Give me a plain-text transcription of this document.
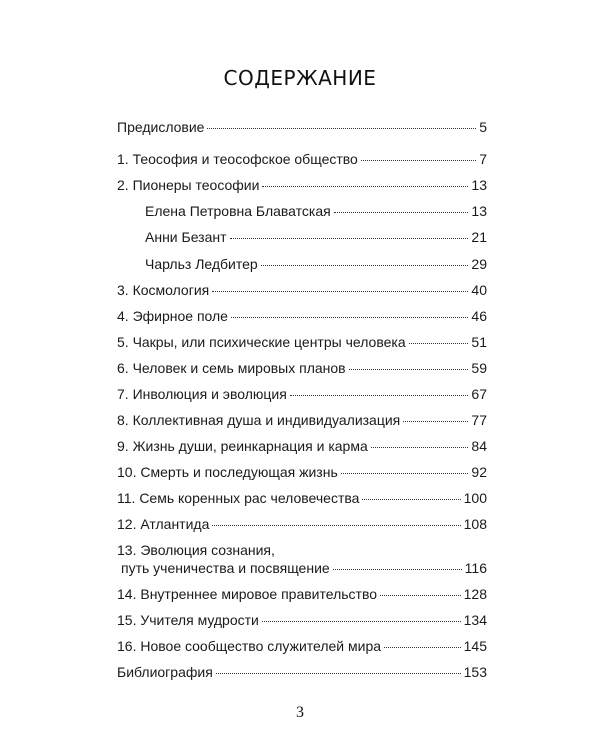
СОДЕРЖАНИЕ
Предисловие	5
1. Теософия и теософское общество	7
2. Пионеры теософии	13
Елена Петровна Блаватская	13
Анни Безант	21
Чарльз Ледбитер	29
3. Космология	40
4. Эфирное поле	46
5. Чакры, или психические центры человека	51
6. Человек и семь мировых планов	59
7. Инволюция и эволюция	67
8. Коллективная душа и индивидуализация	77
9. Жизнь души, реинкарнация и карма	84
10. Смерть и последующая жизнь	92
11. Семь коренных рас человечества	100
12. Атлантида	108
13. Эволюция сознания,
путь ученичества и посвящение	116
14. Внутреннее мировое правительство	128
15. Учителя мудрости	134
16. Новое сообщество служителей мира	145
Библиография	153
3
